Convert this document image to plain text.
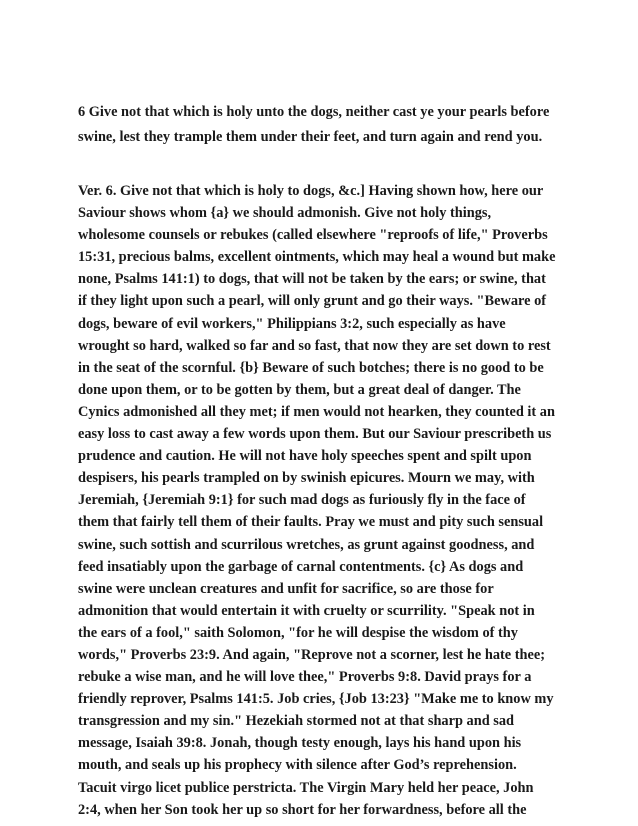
6 Give not that which is holy unto the dogs, neither cast ye your pearls before
swine, lest they trample them under their feet, and turn again and rend you.
Ver. 6. Give not that which is holy to dogs, &c.] Having shown how, here our
Saviour shows whom {a} we should admonish. Give not holy things,
wholesome counsels or rebukes (called elsewhere "reproofs of life," Proverbs
15:31, precious balms, excellent ointments, which may heal a wound but make
none, Psalms 141:1) to dogs, that will not be taken by the ears; or swine, that
if they light upon such a pearl, will only grunt and go their ways. "Beware of
dogs, beware of evil workers," Philippians 3:2, such especially as have
wrought so hard, walked so far and so fast, that now they are set down to rest
in the seat of the scornful. {b} Beware of such botches; there is no good to be
done upon them, or to be gotten by them, but a great deal of danger. The
Cynics admonished all they met; if men would not hearken, they counted it an
easy loss to cast away a few words upon them. But our Saviour prescribeth us
prudence and caution. He will not have holy speeches spent and spilt upon
despisers, his pearls trampled on by swinish epicures. Mourn we may, with
Jeremiah, {Jeremiah 9:1} for such mad dogs as furiously fly in the face of
them that fairly tell them of their faults. Pray we must and pity such sensual
swine, such sottish and scurrilous wretches, as grunt against goodness, and
feed insatiably upon the garbage of carnal contentments. {c} As dogs and
swine were unclean creatures and unfit for sacrifice, so are those for
admonition that would entertain it with cruelty or scurrility. "Speak not in
the ears of a fool," saith Solomon, "for he will despise the wisdom of thy
words," Proverbs 23:9. And again, "Reprove not a scorner, lest he hate thee;
rebuke a wise man, and he will love thee," Proverbs 9:8. David prays for a
friendly reprover, Psalms 141:5. Job cries, {Job 13:23} "Make me to know my
transgression and my sin." Hezekiah stormed not at that sharp and sad
message, Isaiah 39:8. Jonah, though testy enough, lays his hand upon his
mouth, and seals up his prophecy with silence after God’s reprehension.
Tacuit virgo licet publice perstricta. The Virgin Mary held her peace, John
2:4, when her Son took her up so short for her forwardness, before all the
